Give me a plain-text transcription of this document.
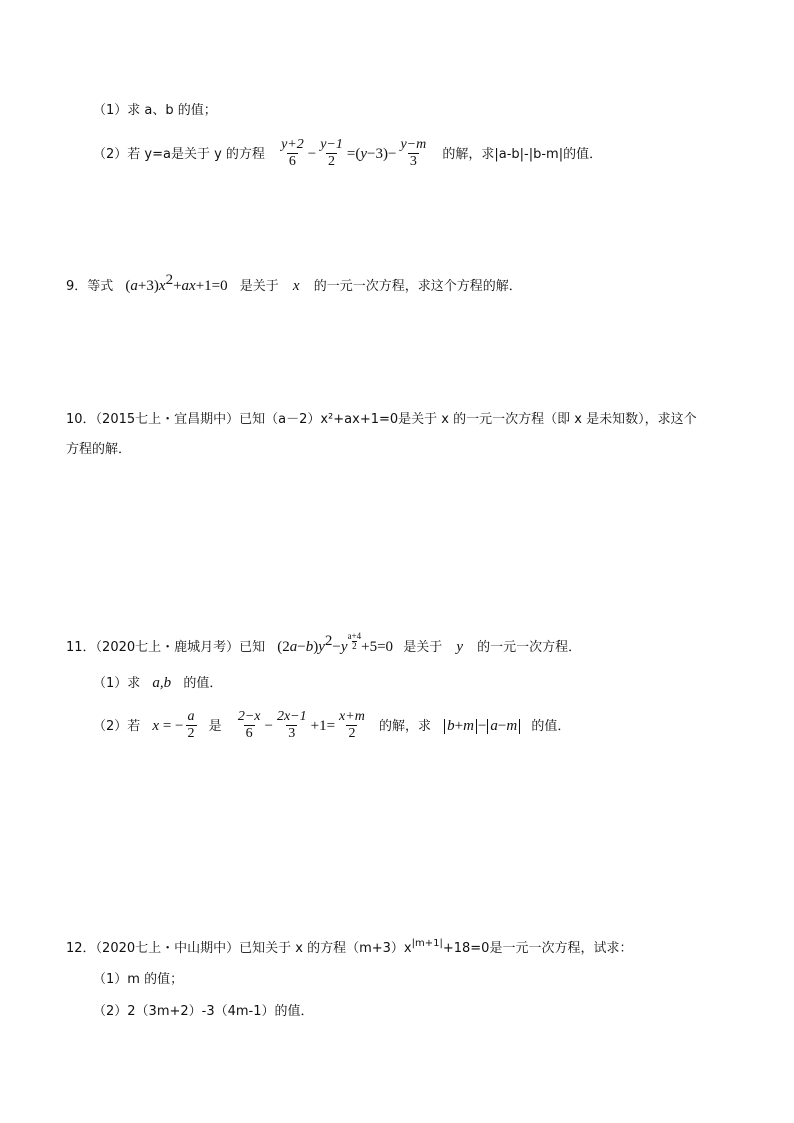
（1）求 a、b 的值；
（2）若 y=a是关于 y 的方程 $\frac{y+2}{6} - \frac{y-1}{2} =(y-3)- \frac{y-m}{3}$ 的解，求|a-b|-|b-m|的值．
9．等式 $(a+3)x^2+ax+1=0$ 是关于 x 的一元一次方程，求这个方程的解．
10．（2015七上・宜昌期中）已知（a－2）x²+ax+1=0是关于 x 的一元一次方程（即 x 是未知数），求这个
方程的解．
11．（2020七上・鹿城月考）已知 $(2a-b)y^2-y \frac{a+4}{2} +5=0$ 是关于 y 的一元一次方程．
（1）求 a,b 的值．
（2）若 x = − $\frac{a}{2}$ 是 $\frac{2-x}{6} - \frac{2x-1}{3} +1= \frac{x+m}{2}$ 的解，求 b+m − a−m 的值．
12．（2020七上・中山期中）已知关于 x 的方程$(m+3)x^{|m+1|}+18=0$是一元一次方程，试求：
（1）m 的值；
（2）2（3m+2）-3（4m-1）的值．
